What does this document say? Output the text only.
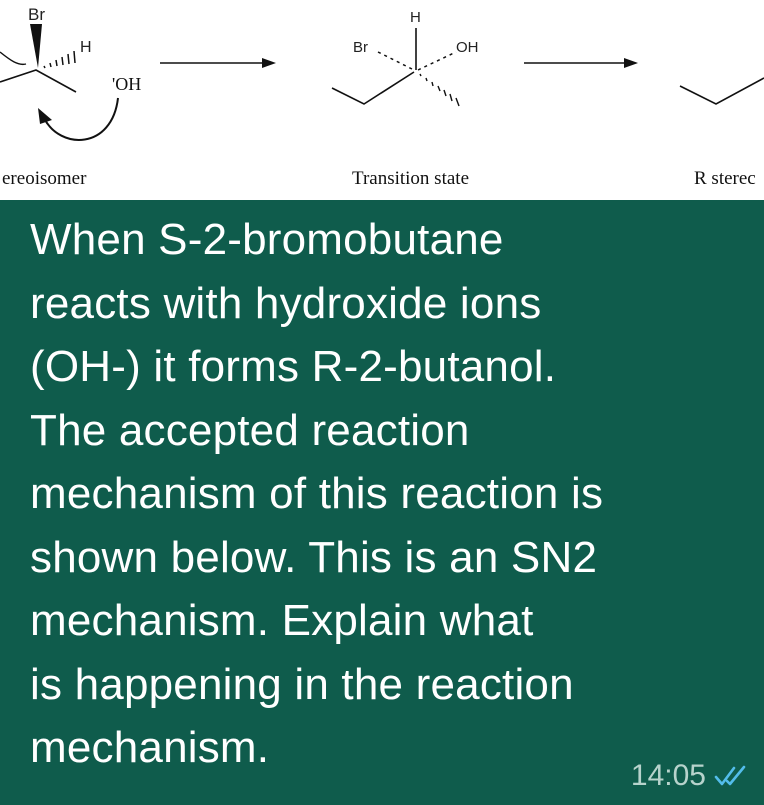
Br
H
'OH
H
Br	OH
ereoisomer	Transition state	R sterec

When S-2-bromobutane
reacts with hydroxide ions
(OH-) it forms R-2-butanol.
The accepted reaction
mechanism of this reaction is
shown below. This is an SN2
mechanism. Explain what
is happening in the reaction
mechanism.

14:05
